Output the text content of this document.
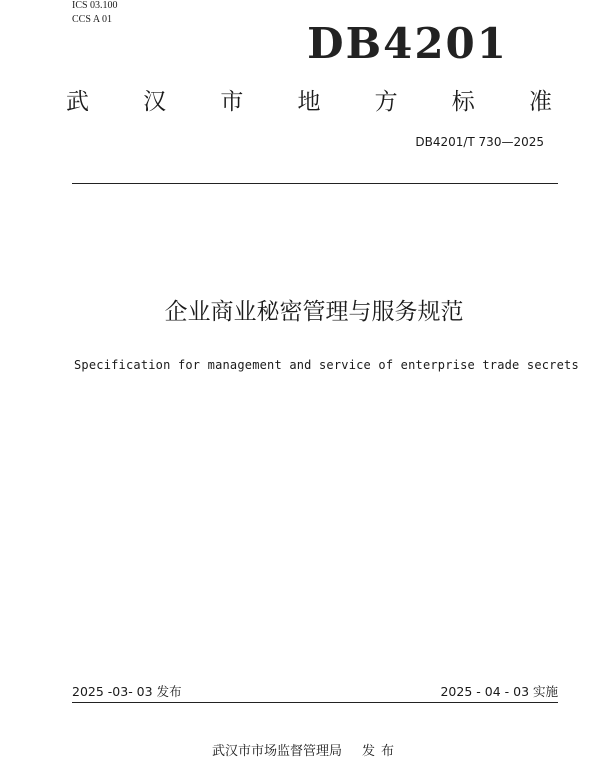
ICS 03.100
CCS A 01	DB4201
武 汉 市 地 方 标 准
DB4201/T 730—2025
企业商业秘密管理与服务规范
Specification for management and service of enterprise trade secrets
2025 -03- 03 发布	2025 - 04 - 03 实施
武汉市市场监督管理局 发布
